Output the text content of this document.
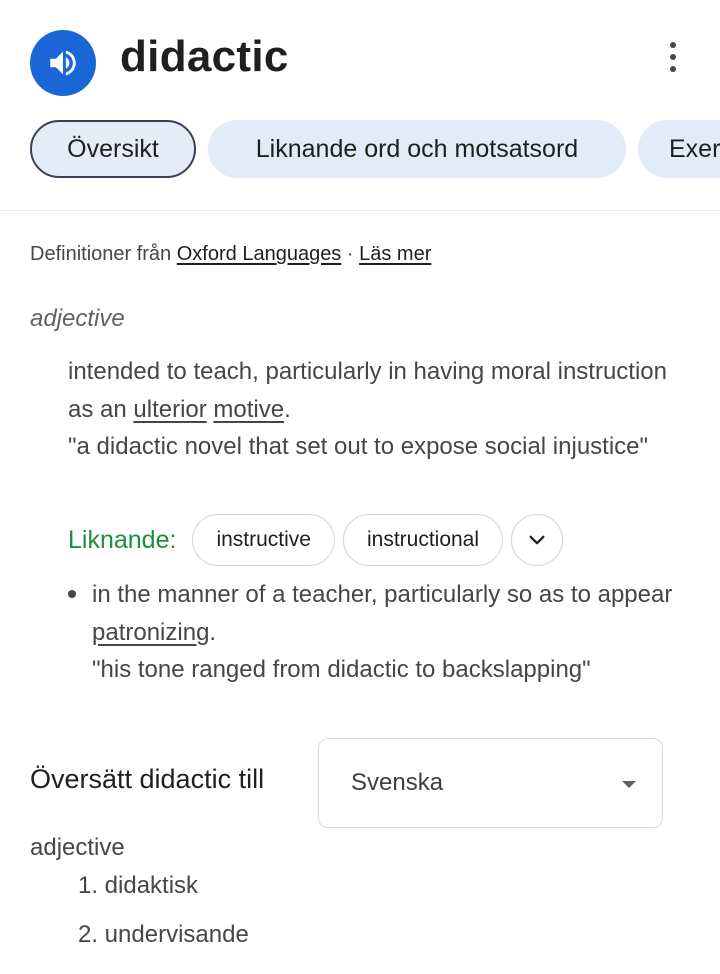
didactic
Översikt	Liknande ord och motsatsord	Exer
Definitioner från Oxford Languages · Läs mer
adjective
intended to teach, particularly in having moral instruction as an ulterior motive.
"a didactic novel that set out to expose social injustice"
Liknande:	instructive	instructional
in the manner of a teacher, particularly so as to appear patronizing.
"his tone ranged from didactic to backslapping"
Översätt didactic till	Svenska
adjective
1. didaktisk
2. undervisande
